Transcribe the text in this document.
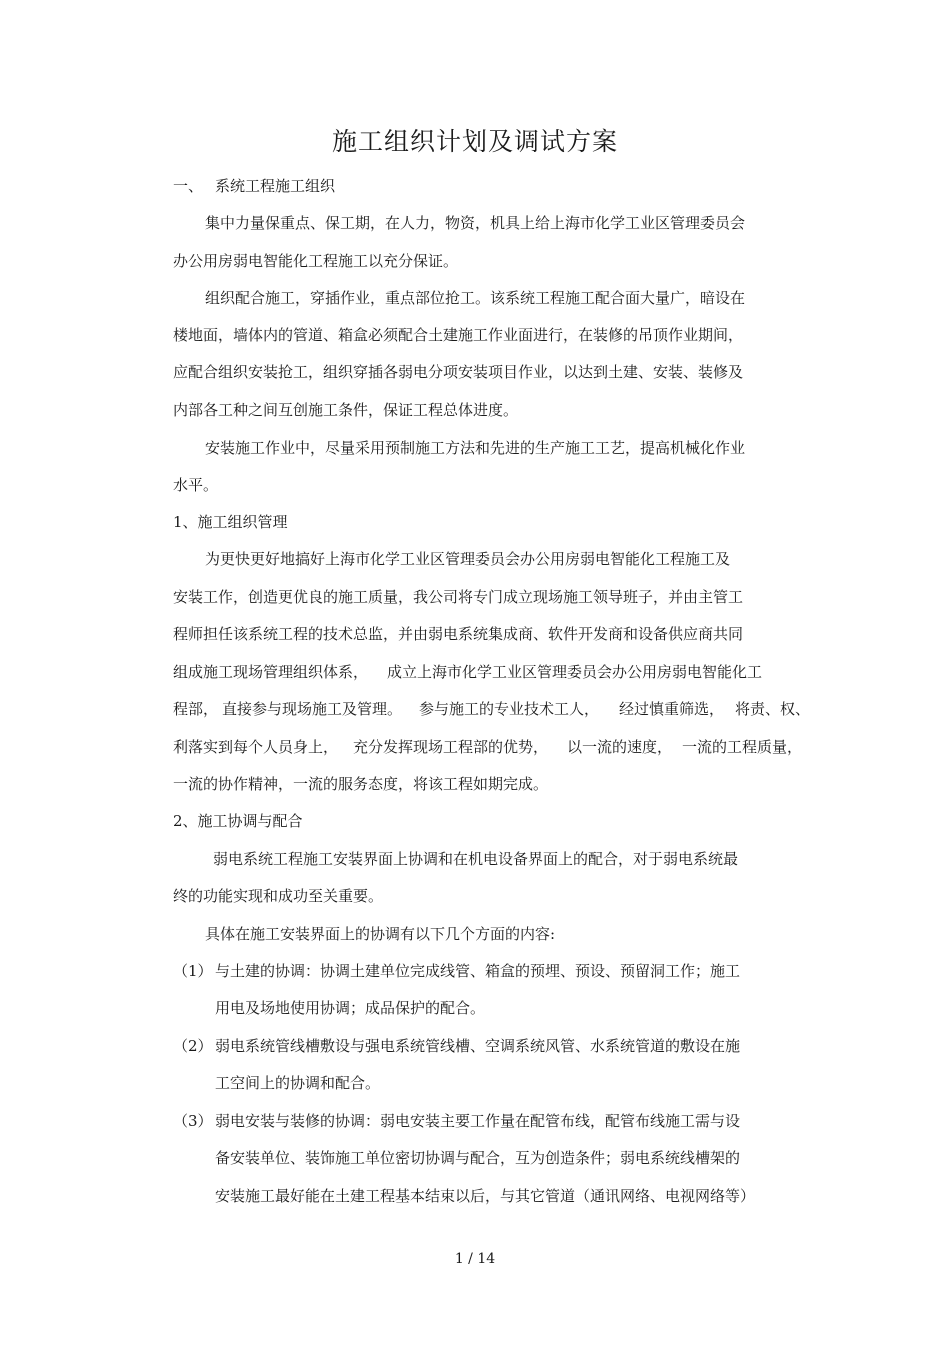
施工组织计划及调试方案
一、 系统工程施工组织
集中力量保重点、保工期，在人力，物资，机具上给上海市化学工业区管理委员会
办公用房弱电智能化工程施工以充分保证。
组织配合施工，穿插作业，重点部位抢工。该系统工程施工配合面大量广，暗设在
楼地面，墙体内的管道、箱盒必须配合土建施工作业面进行，在装修的吊顶作业期间，
应配合组织安装抢工，组织穿插各弱电分项安装项目作业，以达到土建、安装、装修及
内部各工种之间互创施工条件，保证工程总体进度。
安装施工作业中，尽量采用预制施工方法和先进的生产施工工艺，提高机械化作业
水平。
1、施工组织管理
为更快更好地搞好上海市化学工业区管理委员会办公用房弱电智能化工程施工及
安装工作，创造更优良的施工质量，我公司将专门成立现场施工领导班子，并由主管工
程师担任该系统工程的技术总监，并由弱电系统集成商、软件开发商和设备供应商共同
组成施工现场管理组织体系， 成立上海市化学工业区管理委员会办公用房弱电智能化工
程部， 直接参与现场施工及管理。 参与施工的专业技术工人， 经过慎重筛选， 将责、权、
利落实到每个人员身上， 充分发挥现场工程部的优势， 以一流的速度， 一流的工程质量，
一流的协作精神，一流的服务态度，将该工程如期完成。
2、施工协调与配合
弱电系统工程施工安装界面上协调和在机电设备界面上的配合，对于弱电系统最
终的功能实现和成功至关重要。
具体在施工安装界面上的协调有以下几个方面的内容:
（1） 与土建的协调：协调土建单位完成线管、箱盒的预埋、预设、预留洞工作；施工
用电及场地使用协调；成品保护的配合。
（2） 弱电系统管线槽敷设与强电系统管线槽、空调系统风管、水系统管道的敷设在施
工空间上的协调和配合。
（3） 弱电安装与装修的协调：弱电安装主要工作量在配管布线，配管布线施工需与设
备安装单位、装饰施工单位密切协调与配合，互为创造条件；弱电系统线槽架的
安装施工最好能在土建工程基本结束以后，与其它管道（通讯网络、电视网络等）
1 / 14
